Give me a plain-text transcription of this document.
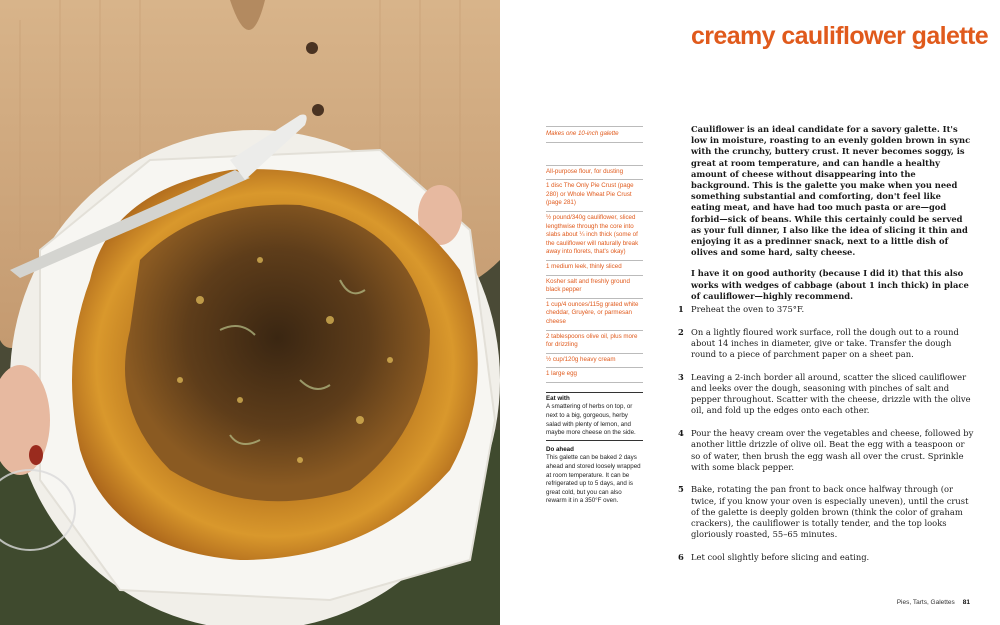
creamy cauliflower galette
Makes one 10-inch galette
All-purpose flour, for dusting
1 disc The Only Pie Crust (page 280) or Whole Wheat Pie Crust (page 281)
½ pound/340g cauliflower, sliced lengthwise through the core into slabs about ¼ inch thick (some of the cauliflower will naturally break away into florets, that's okay)
1 medium leek, thinly sliced
Kosher salt and freshly ground black pepper
1 cup/4 ounces/115g grated white cheddar, Gruyère, or parmesan cheese
2 tablespoons olive oil, plus more for drizzling
½ cup/120g heavy cream
1 large egg
Eat with
A smattering of herbs on top, or next to a big, gorgeous, herby salad with plenty of lemon, and maybe more cheese on the side.
Do ahead
This galette can be baked 2 days ahead and stored loosely wrapped at room temperature. It can be refrigerated up to 5 days, and is great cold, but you can also rewarm it in a 350°F oven.

Cauliflower is an ideal candidate for a savory galette. It's low in moisture, roasting to an evenly golden brown in sync with the crunchy, buttery crust. It never becomes soggy, is great at room temperature, and can handle a healthy amount of cheese without disappearing into the background. This is the galette you make when you need something substantial and comforting, don't feel like eating meat, and have had too much pasta or are—god forbid—sick of beans. While this certainly could be served as your full dinner, I also like the idea of slicing it thin and enjoying it as a predinner snack, next to a little dish of olives and some hard, salty cheese.

I have it on good authority (because I did it) that this also works with wedges of cabbage (about 1 inch thick) in place of cauliflower—highly recommend.

1 Preheat the oven to 375°F.
2 On a lightly floured work surface, roll the dough out to a round about 14 inches in diameter, give or take. Transfer the dough round to a piece of parchment paper on a sheet pan.
3 Leaving a 2-inch border all around, scatter the sliced cauliflower and leeks over the dough, seasoning with pinches of salt and pepper throughout. Scatter with the cheese, drizzle with the olive oil, and fold up the edges onto each other.
4 Pour the heavy cream over the vegetables and cheese, followed by another little drizzle of olive oil. Beat the egg with a teaspoon or so of water, then brush the egg wash all over the crust. Sprinkle with some black pepper.
5 Bake, rotating the pan front to back once halfway through (or twice, if you know your oven is especially uneven), until the crust of the galette is deeply golden brown (think the color of graham crackers), the cauliflower is totally tender, and the top looks gloriously roasted, 55–65 minutes.
6 Let cool slightly before slicing and eating.
Pies, Tarts, Galettes 81
